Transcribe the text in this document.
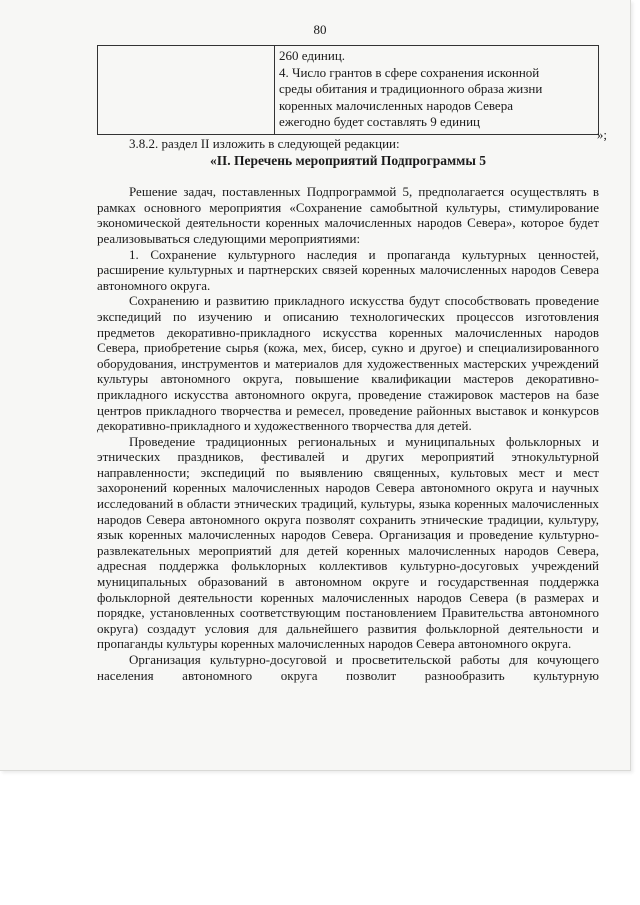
80

260 единиц.
4. Число грантов в сфере сохранения исконной
среды обитания и традиционного образа жизни
коренных малочисленных народов Севера
ежегодно будет составлять 9 единиц
»;
3.8.2. раздел II изложить в следующей редакции:
«II. Перечень мероприятий Подпрограммы 5

Решение задач, поставленных Подпрограммой 5, предполагается осуществлять в рамках основного мероприятия «Сохранение самобытной культуры, стимулирование экономической деятельности коренных малочисленных народов Севера», которое будет реализовываться следующими мероприятиями:

1. Сохранение культурного наследия и пропаганда культурных ценностей, расширение культурных и партнерских связей коренных малочисленных народов Севера автономного округа.

Сохранению и развитию прикладного искусства будут способствовать проведение экспедиций по изучению и описанию технологических процессов изготовления предметов декоративно-прикладного искусства коренных малочисленных народов Севера, приобретение сырья (кожа, мех, бисер, сукно и другое) и специализированного оборудования, инструментов и материалов для художественных мастерских учреждений культуры автономного округа, повышение квалификации мастеров декоративно-прикладного искусства автономного округа, проведение стажировок мастеров на базе центров прикладного творчества и ремесел, проведение районных выставок и конкурсов декоративно-прикладного и художественного творчества для детей.

Проведение традиционных региональных и муниципальных фольклорных и этнических праздников, фестивалей и других мероприятий этнокультурной направленности; экспедиций по выявлению священных, культовых мест и мест захоронений коренных малочисленных народов Севера автономного округа и научных исследований в области этнических традиций, культуры, языка коренных малочисленных народов Севера автономного округа позволят сохранить этнические традиции, культуру, язык коренных малочисленных народов Севера. Организация и проведение культурно-развлекательных мероприятий для детей коренных малочисленных народов Севера, адресная поддержка фольклорных коллективов культурно-досуговых учреждений муниципальных образований в автономном округе и государственная поддержка фольклорной деятельности коренных малочисленных народов Севера (в размерах и порядке, установленных соответствующим постановлением Правительства автономного округа) создадут условия для дальнейшего развития фольклорной деятельности и пропаганды культуры коренных малочисленных народов Севера автономного округа.

Организация культурно-досуговой и просветительской работы для кочующего населения автономного округа позволит разнообразить культурную
